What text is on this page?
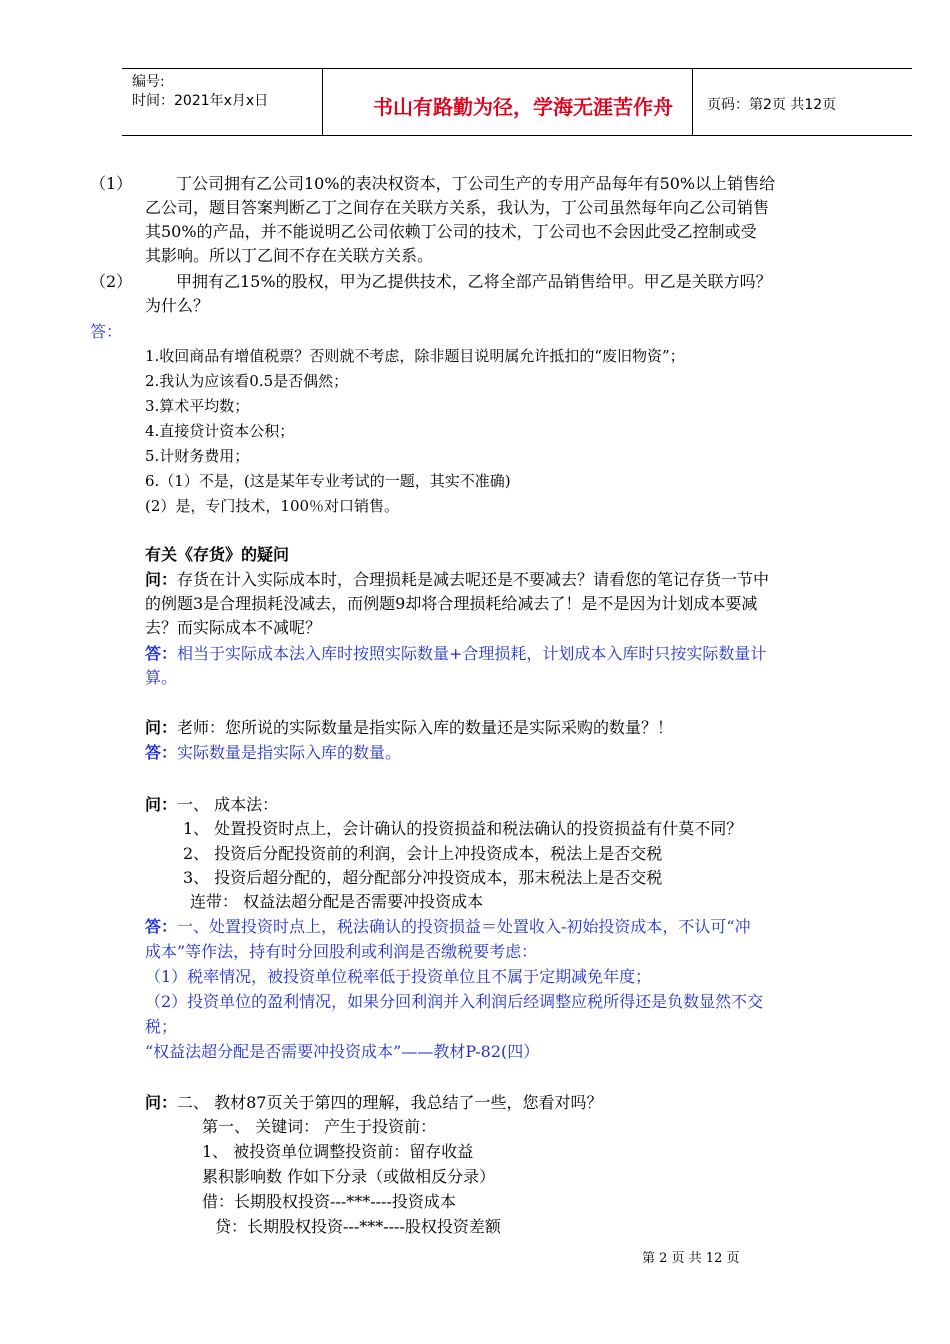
编号:
时间：2021年x月x日	书山有路勤为径，学海无涯苦作舟	页码：第2页 共12页
（1）	丁公司拥有乙公司10%的表决权资本，丁公司生产的专用产品每年有50%以上销售给
乙公司，题目答案判断乙丁之间存在关联方关系，我认为，丁公司虽然每年向乙公司销售
其50%的产品，并不能说明乙公司依赖丁公司的技术，丁公司也不会因此受乙控制或受
其影响。所以丁乙间不存在关联方关系。
（2）	甲拥有乙15%的股权，甲为乙提供技术，乙将全部产品销售给甲。甲乙是关联方吗？
为什么？
答：
1.收回商品有增值税票？否则就不考虑，除非题目说明属允许抵扣的“废旧物资”；
2.我认为应该看0.5是否偶然；
3.算术平均数；
4.直接贷计资本公积；
5.计财务费用；
6.（1）不是，(这是某年专业考试的一题，其实不准确)
(2）是，专门技术，100％对口销售。
有关《存货》的疑问
问：存货在计入实际成本时，合理损耗是减去呢还是不要减去？请看您的笔记存货一节中
的例题3是合理损耗没减去，而例题9却将合理损耗给减去了！是不是因为计划成本要减
去？而实际成本不减呢？
答：相当于实际成本法入库时按照实际数量+合理损耗，计划成本入库时只按实际数量计
算。
问：老师：您所说的实际数量是指实际入库的数量还是实际采购的数量？！
答：实际数量是指实际入库的数量。
问：一、 成本法：
1、 处置投资时点上，会计确认的投资损益和税法确认的投资损益有什莫不同？
2、 投资后分配投资前的利润，会计上冲投资成本，税法上是否交税
3、 投资后超分配的，超分配部分冲投资成本，那末税法上是否交税
连带： 权益法超分配是否需要冲投资成本
答：一、处置投资时点上，税法确认的投资损益＝处置收入-初始投资成本，不认可“冲
成本”等作法，持有时分回股利或利润是否缴税要考虑：
（1）税率情况，被投资单位税率低于投资单位且不属于定期减免年度；
（2）投资单位的盈利情况，如果分回利润并入利润后经调整应税所得还是负数显然不交
税；
“权益法超分配是否需要冲投资成本”——教材P-82(四）
问：二、 教材87页关于第四的理解，我总结了一些，您看对吗？
第一、 关键词： 产生于投资前：
1、 被投资单位调整投资前：留存收益
累积影响数 作如下分录（或做相反分录）
借：长期股权投资---***----投资成本
贷：长期股权投资---***----股权投资差额
第 2 页 共 12 页
